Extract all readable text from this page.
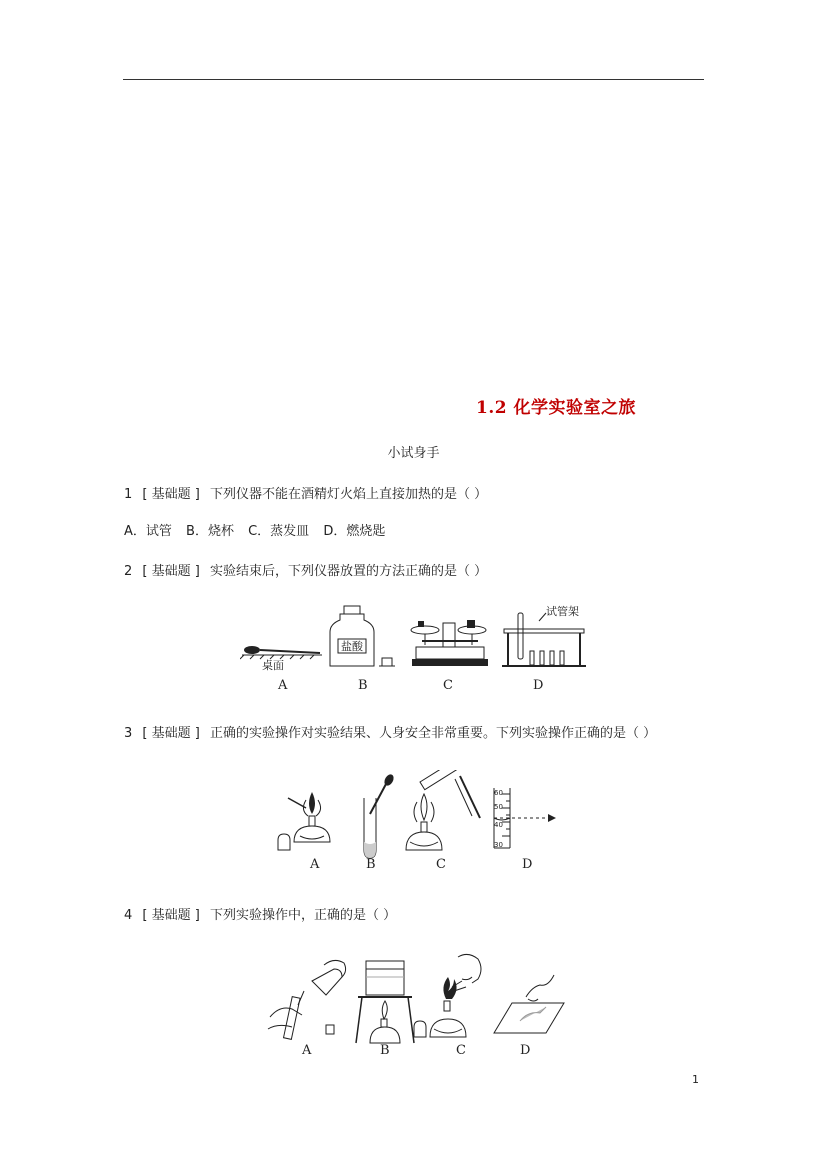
1.2 化学实验室之旅
小试身手
1 [ 基础题 ] 下列仪器不能在酒精灯火焰上直接加热的是（ ）
A．试管 B．烧杯 C．蒸发皿 D．燃烧匙
2 [ 基础题 ] 实验结束后，下列仪器放置的方法正确的是（ ）
桌面
A
盐酸
B	C
试管架
D
3 [ 基础题 ] 正确的实验操作对实验结果、人身安全非常重要。下列实验操作正确的是（ ）
A	B	C
60
50
40
30
D
4 [ 基础题 ] 下列实验操作中，正确的是（ ）
A	B	C	D
1
